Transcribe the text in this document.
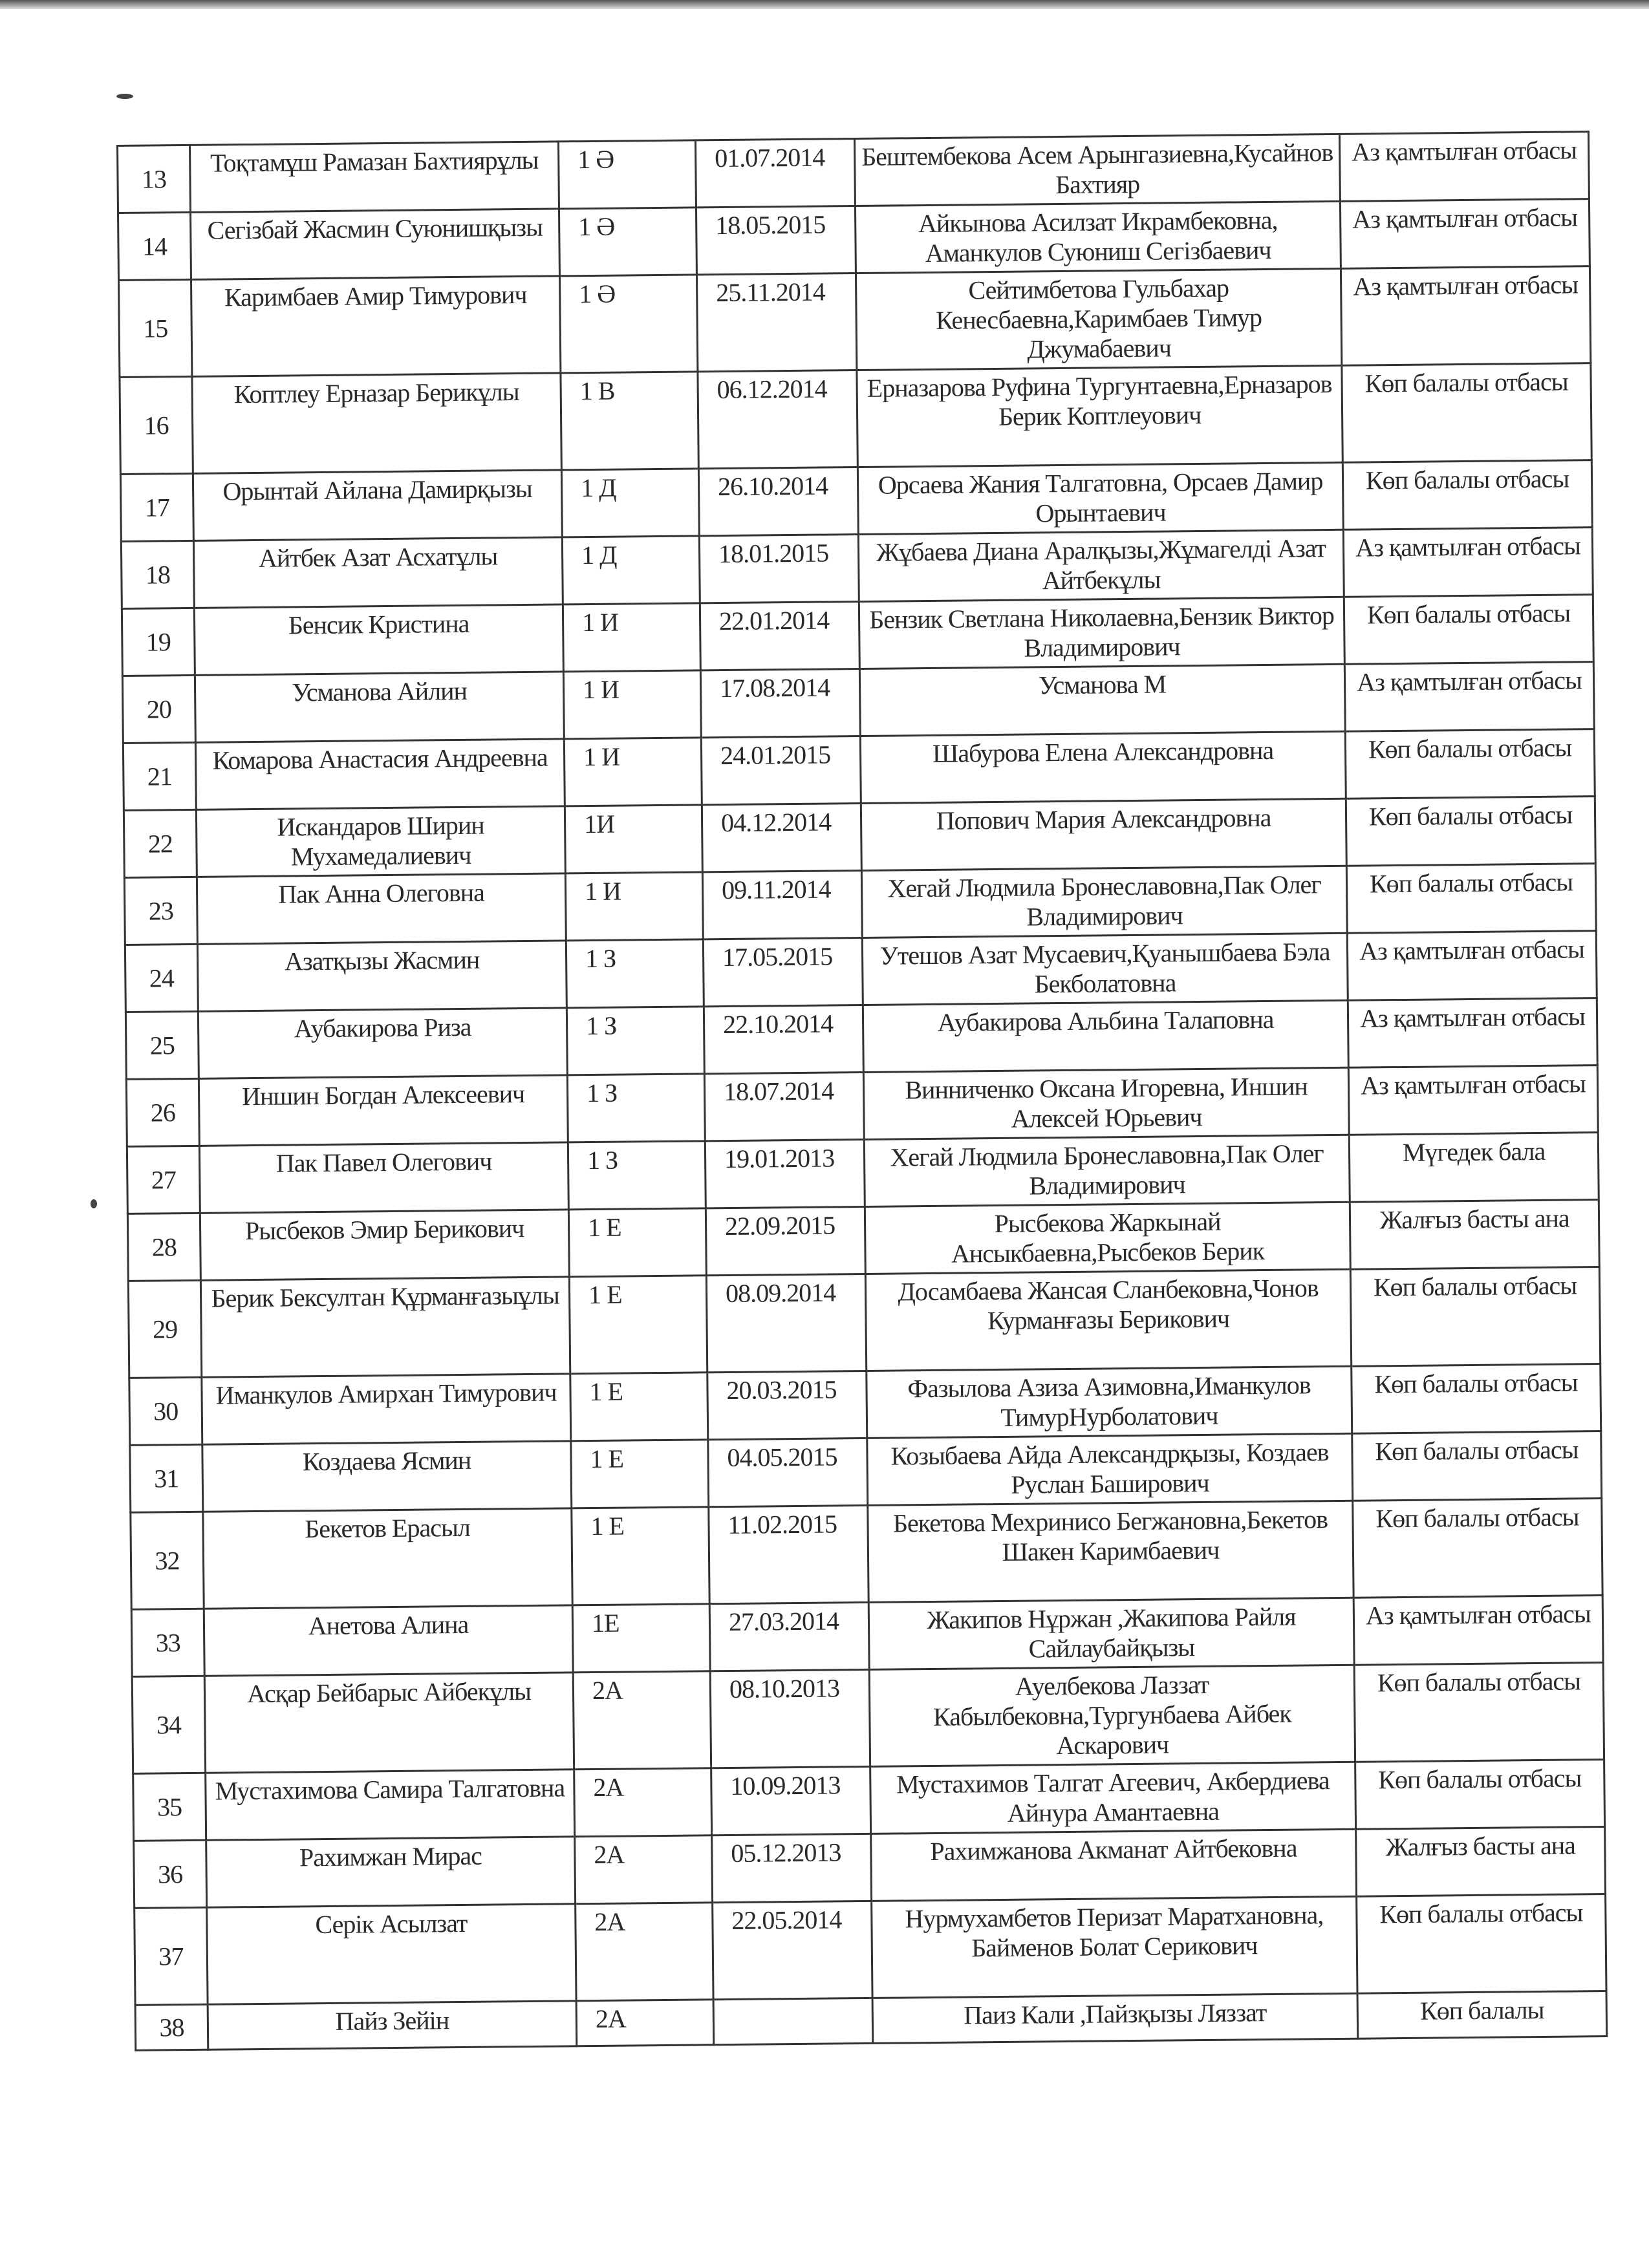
13	Тоқтамұш Рамазан Бахтиярұлы	1 Ә	01.07.2014	Бештембекова Асем Арынгазиевна,Кусайнов Бахтияр	Аз қамтылған отбасы
14	Сегізбай Жасмин Суюнишқызы	1 Ә	18.05.2015	Айкынова Асилзат Икрамбековна, Аманкулов Суюниш Сегізбаевич	Аз қамтылған отбасы
15	Каримбаев Амир Тимурович	1 Ә	25.11.2014	Сейтимбетова Гульбахар Кенесбаевна,Каримбаев Тимур Джумабаевич	Аз қамтылған отбасы
16	Коптлеу Ерназар Берикұлы	1 В	06.12.2014	Ерназарова Руфина Тургунтаевна,Ерназаров Берик Коптлеуович	Көп балалы отбасы
17	Орынтай Айлана Дамирқызы	1 Д	26.10.2014	Орсаева Жания Талгатовна, Орсаев Дамир Орынтаевич	Көп балалы отбасы
18	Айтбек Азат Асхатұлы	1 Д	18.01.2015	Жұбаева Диана Аралқызы,Жұмагелді Азат Айтбекұлы	Аз қамтылған отбасы
19	Бенсик Кристина	1 И	22.01.2014	Бензик Светлана Николаевна,Бензик Виктор Владимирович	Көп балалы отбасы
20	Усманова Айлин	1 И	17.08.2014	Усманова М	Аз қамтылған отбасы
21	Комарова Анастасия Андреевна	1 И	24.01.2015	Шабурова Елена Александровна	Көп балалы отбасы
22	Искандаров Ширин Мухамедалиевич	1И	04.12.2014	Попович Мария Александровна	Көп балалы отбасы
23	Пак Анна Олеговна	1 И	09.11.2014	Хегай Людмила Бронеславовна,Пак Олег Владимирович	Көп балалы отбасы
24	Азатқызы Жасмин	1 З	17.05.2015	Утешов Азат Мусаевич,Қуанышбаева Бэла Бекболатовна	Аз қамтылған отбасы
25	Аубакирова Риза	1 З	22.10.2014	Аубакирова Альбина Талаповна	Аз қамтылған отбасы
26	Иншин Богдан Алексеевич	1 З	18.07.2014	Винниченко Оксана Игоревна, Иншин Алексей Юрьевич	Аз қамтылған отбасы
27	Пак Павел Олегович	1 З	19.01.2013	Хегай Людмила Бронеславовна,Пак Олег Владимирович	Мүгедек бала
28	Рысбеков Эмир Берикович	1 Е	22.09.2015	Рысбекова Жаркынай Ансыкбаевна,Рысбеков Берик	Жалғыз басты ана
29	Берик Бексултан Құрманғазыұлы	1 Е	08.09.2014	Досамбаева Жансая Сланбековна,Чонов Курманғазы Берикович	Көп балалы отбасы
30	Иманкулов Амирхан Тимурович	1 Е	20.03.2015	Фазылова Азиза Азимовна,Иманкулов ТимурНурболатович	Көп балалы отбасы
31	Коздаева Ясмин	1 Е	04.05.2015	Козыбаева Айда Александрқызы, Коздаев Руслан Баширович	Көп балалы отбасы
32	Бекетов Ерасыл	1 Е	11.02.2015	Бекетова Мехринисо Бегжановна,Бекетов Шакен Каримбаевич	Көп балалы отбасы
33	Анетова Алина	1Е	27.03.2014	Жакипов Нұржан ,Жакипова Райля Сайлаубайқызы	Аз қамтылған отбасы
34	Асқар Бейбарыс Айбекұлы	2А	08.10.2013	Ауелбекова Лаззат Кабылбековна,Тургунбаева Айбек Аскарович	Көп балалы отбасы
35	Мустахимова Самира Талгатовна	2А	10.09.2013	Мустахимов Талгат Агеевич, Акбердиева Айнура Амантаевна	Көп балалы отбасы
36	Рахимжан Мирас	2А	05.12.2013	Рахимжанова Акманат Айтбековна	Жалғыз басты ана
37	Серік Асылзат	2А	22.05.2014	Нурмухамбетов Перизат Маратхановна, Байменов Болат Серикович	Көп балалы отбасы
38	Пайз Зейін	2А		Паиз Кали ,Пайзқызы Ляззат	Көп балалы
